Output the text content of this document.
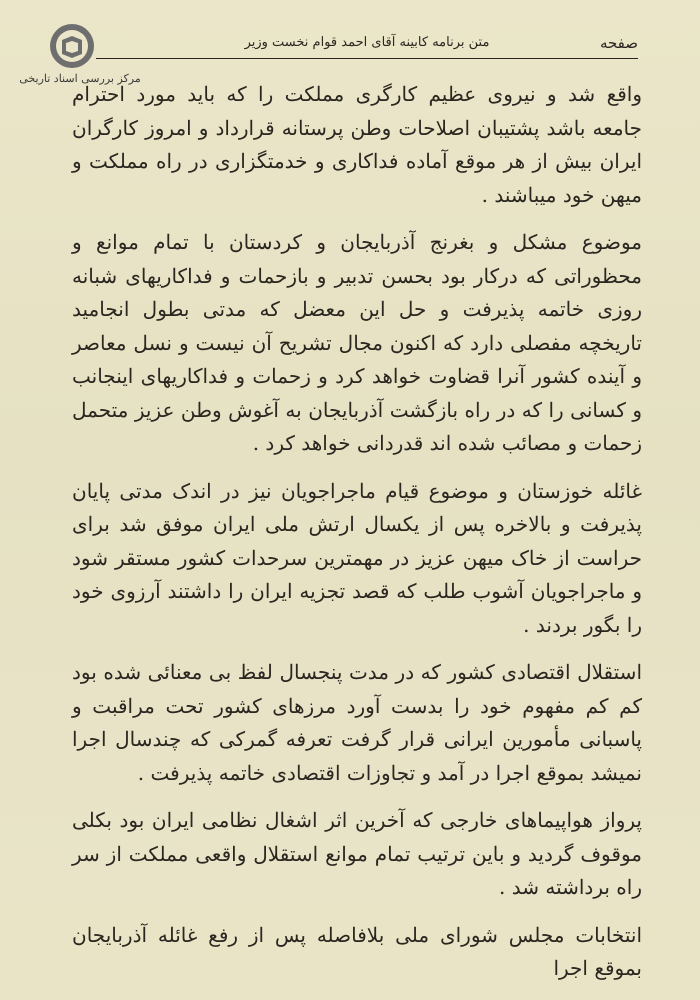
مرکز بررسی اسناد تاریخی
صفحه
متن برنامه کابینه آقای احمد قوام نخست وزیر

واقع شد و نیروی عظیم کارگری مملکت را که باید مورد احترام جامعه باشد پشتیبان اصلاحات وطن پرستانه قرارداد و امروز کارگران ایران بیش از هر موقع آماده فداکاری و خدمتگزاری در راه مملکت و میهن خود میباشند .

موضوع مشکل و بغرنج آذربایجان و کردستان با تمام موانع و محظوراتی که درکار بود بحسن تدبیر و بازحمات و فداکاریهای شبانه روزی خاتمه پذیرفت و حل این معضل که مدتی بطول انجامید تاریخچه مفصلی دارد که اکنون مجال تشریح آن نیست و نسل معاصر و آینده کشور آنرا قضاوت خواهد کرد و زحمات و فداکاریهای اینجانب و کسانی را که در راه بازگشت آذربایجان به آغوش وطن عزیز متحمل زحمات و مصائب شده اند قدردانی خواهد کرد .

غائله خوزستان و موضوع قیام ماجراجویان نیز در اندک مدتی پایان پذیرفت و بالاخره پس از یکسال ارتش ملی ایران موفق شد برای حراست از خاک میهن عزیز در مهمترین سرحدات کشور مستقر شود و ماجراجویان آشوب طلب که قصد تجزیه ایران را داشتند آرزوی خود را بگور بردند .

استقلال اقتصادی کشور که در مدت پنجسال لفظ بی معنائی شده بود کم کم مفهوم خود را بدست آورد مرزهای کشور تحت مراقبت و پاسبانی مأمورین ایرانی قرار گرفت تعرفه گمرکی که چندسال اجرا نمیشد بموقع اجرا در آمد و تجاوزات اقتصادی خاتمه پذیرفت .

پرواز هواپیماهای خارجی که آخرین اثر اشغال نظامی ایران بود بکلی موقوف گردید و باین ترتیب تمام موانع استقلال واقعی مملکت از سر راه برداشته شد .

انتخابات مجلس شورای ملی بلافاصله پس از رفع غائله آذربایجان بموقع اجرا
